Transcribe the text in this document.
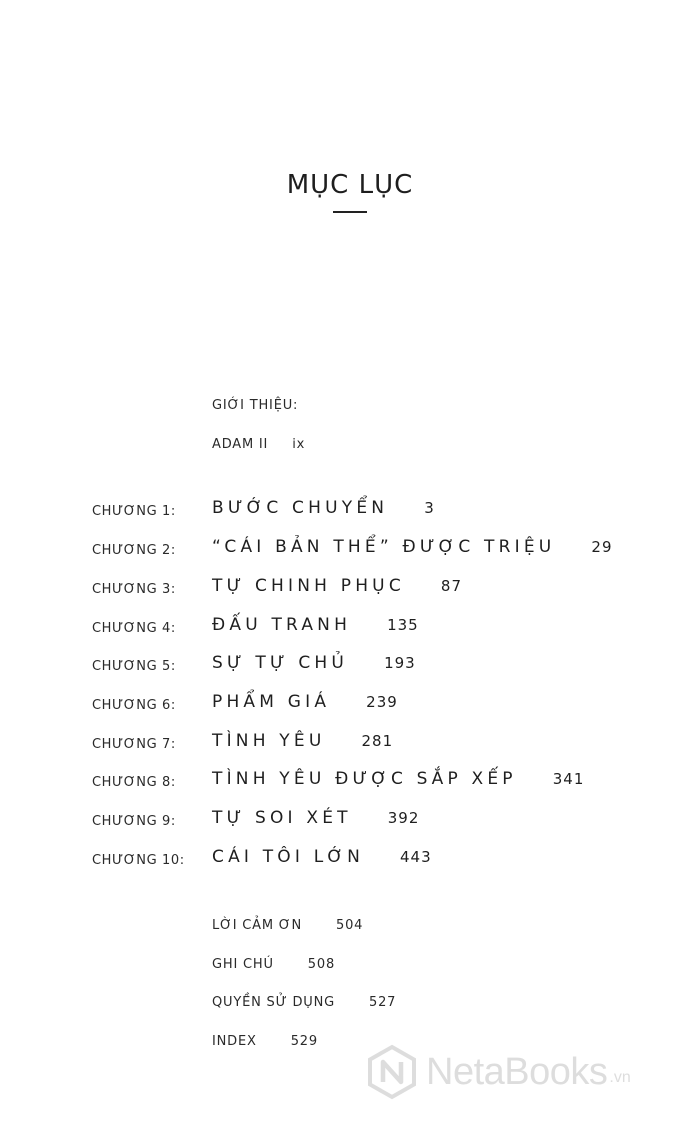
MỤC LỤC
GIỚI THIỆU:
ADAM II ix
CHƯƠNG 1: BƯỚC CHUYỂN 3
CHƯƠNG 2: “CÁI BẢN THỂ” ĐƯỢC TRIỆU 29
CHƯƠNG 3: TỰ CHINH PHỤC 87
CHƯƠNG 4: ĐẤU TRANH 135
CHƯƠNG 5: SỰ TỰ CHỦ 193
CHƯƠNG 6: PHẨM GIÁ 239
CHƯƠNG 7: TÌNH YÊU 281
CHƯƠNG 8: TÌNH YÊU ĐƯỢC SẮP XẾP 341
CHƯƠNG 9: TỰ SOI XÉT 392
CHƯƠNG 10: CÁI TÔI LỚN 443
LỜI CẢM ƠN	504
GHI CHÚ	508
QUYỀN SỬ DỤNG	527
INDEX	529
NetaBooks .vn
